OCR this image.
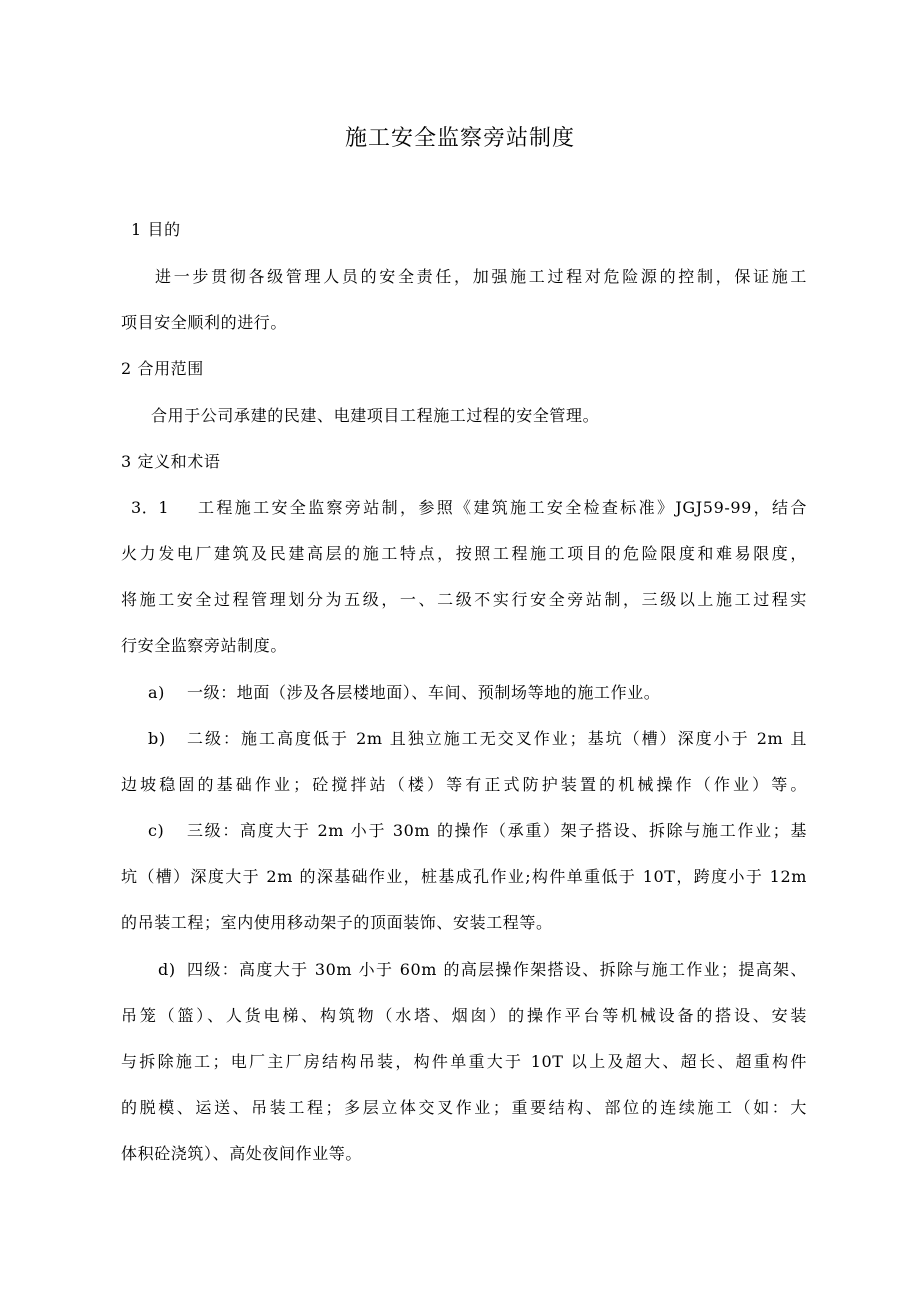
施工安全监察旁站制度
1 目的
进一步贯彻各级管理人员的安全责任，加强施工过程对危险源的控制，保证施工
项目安全顺利的进行。
2 合用范围
合用于公司承建的民建、电建项目工程施工过程的安全管理。
3 定义和术语
3．1 工程施工安全监察旁站制，参照《建筑施工安全检查标准》JGJ59-99，结合
火力发电厂建筑及民建高层的施工特点，按照工程施工项目的危险限度和难易限度，
将施工安全过程管理划分为五级，一、二级不实行安全旁站制，三级以上施工过程实
行安全监察旁站制度。
a) 一级：地面（涉及各层楼地面）、车间、预制场等地的施工作业。
b) 二级：施工高度低于 2m 且独立施工无交叉作业；基坑（槽）深度小于 2m 且
边坡稳固的基础作业；砼搅拌站（楼）等有正式防护装置的机械操作（作业）等。
c) 三级：高度大于 2m 小于 30m 的操作（承重）架子搭设、拆除与施工作业；基
坑（槽）深度大于 2m 的深基础作业，桩基成孔作业;构件单重低于 10T，跨度小于 12m
的吊装工程；室内使用移动架子的顶面装饰、安装工程等。
d) 四级：高度大于 30m 小于 60m 的高层操作架搭设、拆除与施工作业；提高架、
吊笼（篮）、人货电梯、构筑物（水塔、烟囱）的操作平台等机械设备的搭设、安装
与拆除施工；电厂主厂房结构吊装，构件单重大于 10T 以上及超大、超长、超重构件
的脱模、运送、吊装工程；多层立体交叉作业；重要结构、部位的连续施工（如：大
体积砼浇筑）、高处夜间作业等。
